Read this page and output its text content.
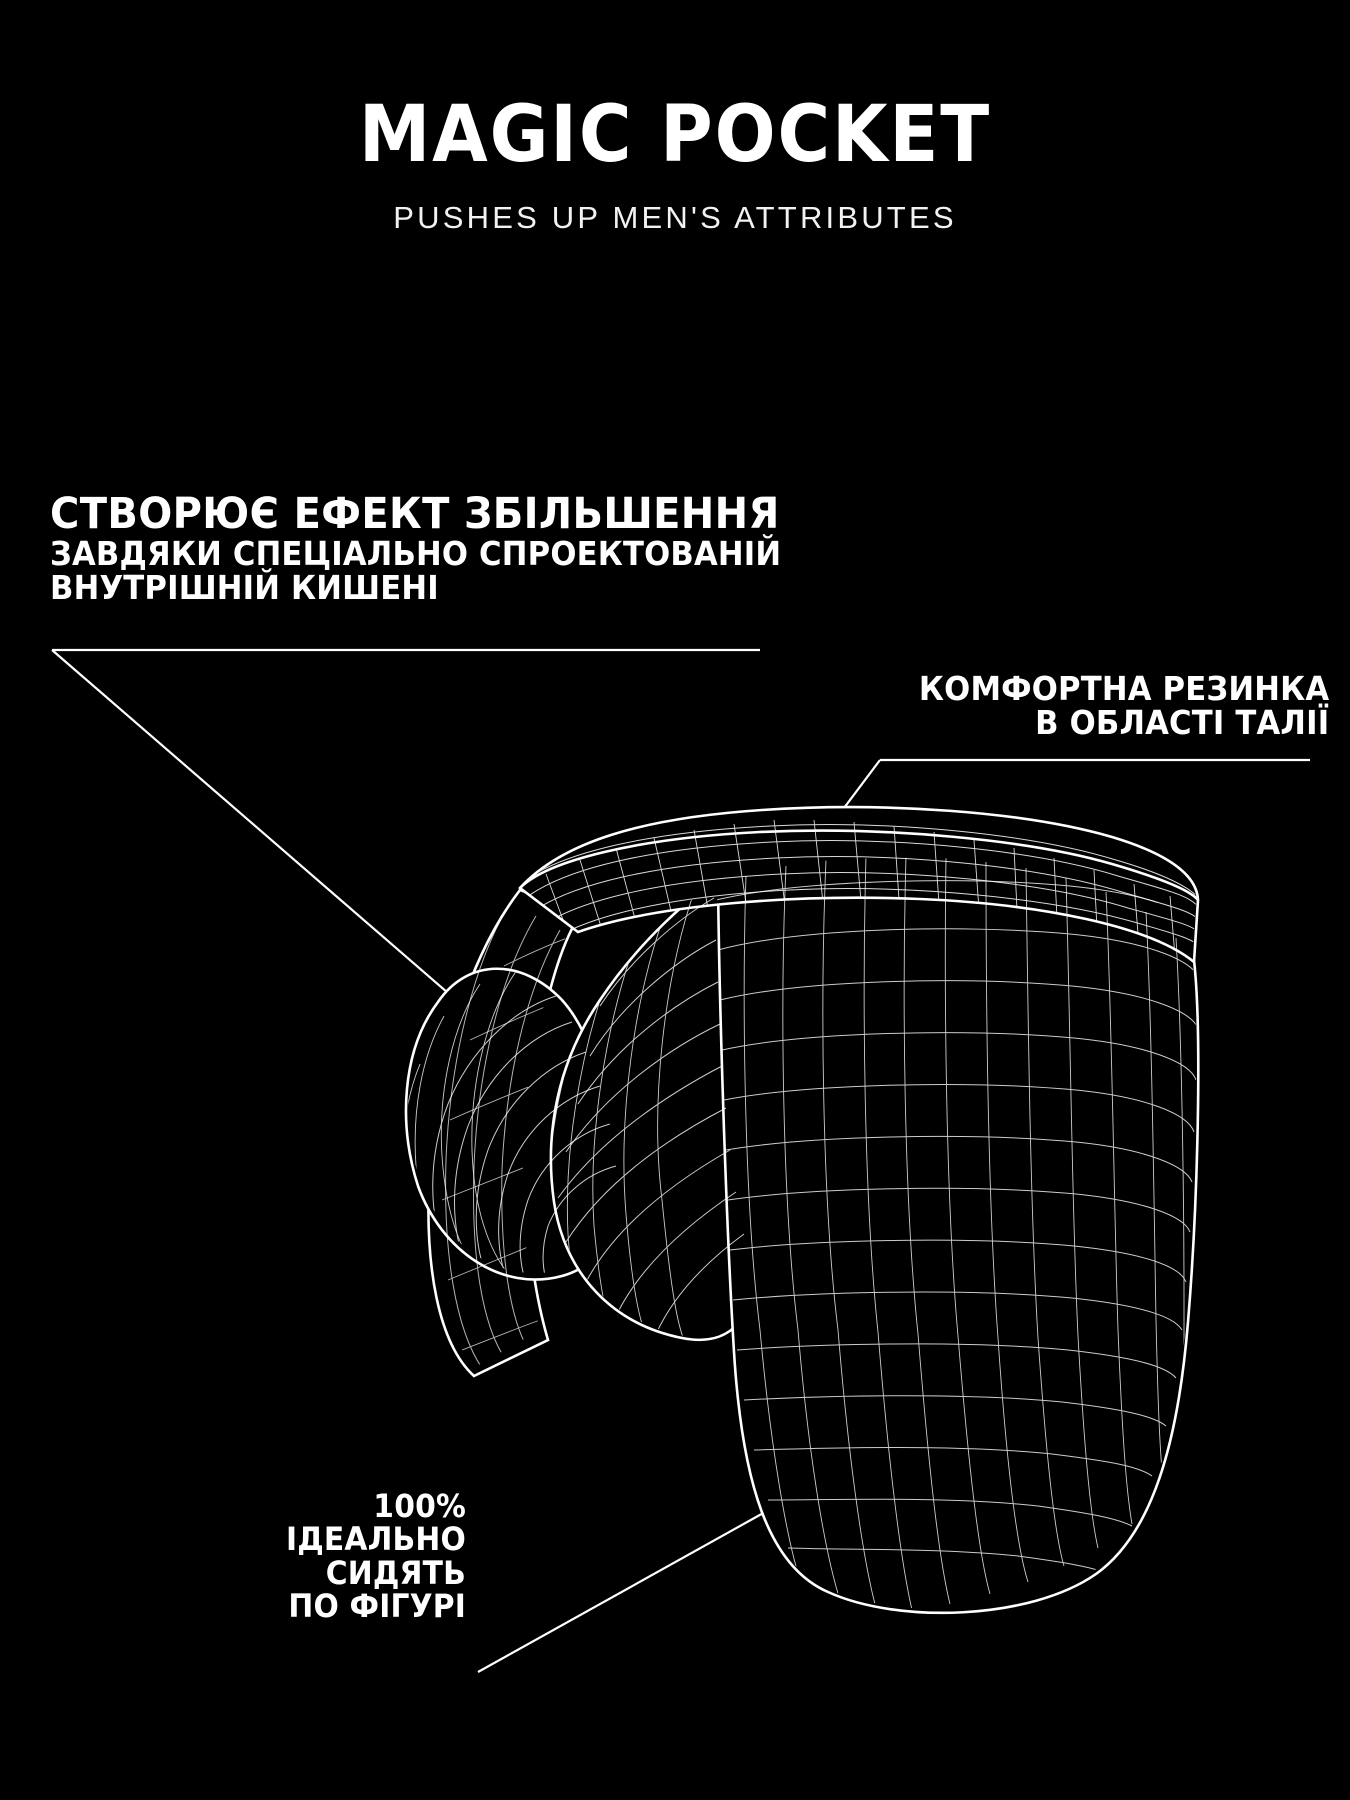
MAGIC POCKET
PUSHES UP MEN'S ATTRIBUTES
СТВОРЮЄ ЕФЕКТ ЗБІЛЬШЕННЯ
ЗАВДЯКИ СПЕЦІАЛЬНО СПРОЕКТОВАНІЙ
ВНУТРІШНІЙ КИШЕНІ
КОМФОРТНА РЕЗИНКА
В ОБЛАСТІ ТАЛІЇ
100%
ІДЕАЛЬНО
СИДЯТЬ
ПО ФІГУРІ
